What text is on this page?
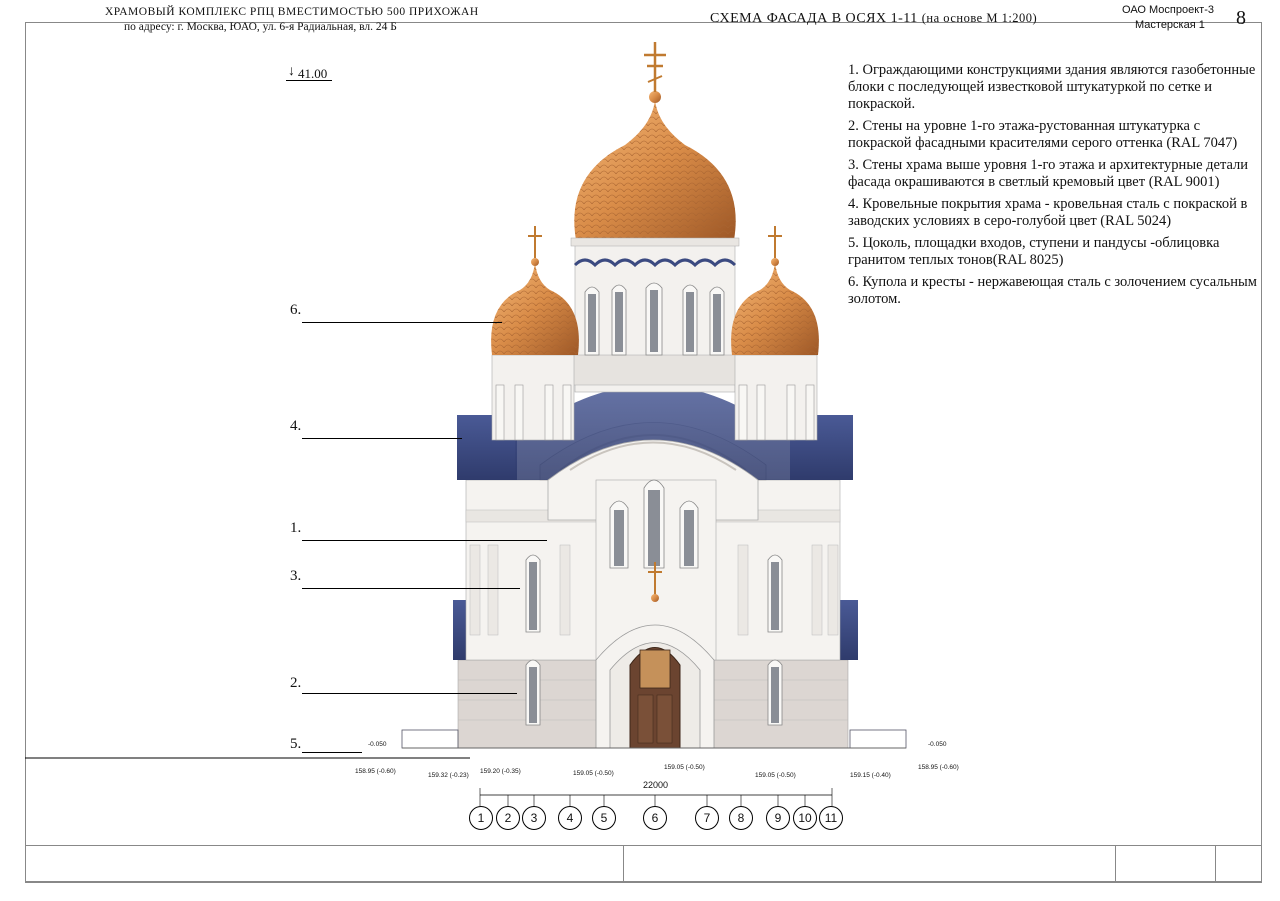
↓ 41.00
-0.050	-0.050
158.95 (-0.60)
159.32 (-0.23)
159.20 (-0.35)	159.05 (-0.50)
159.05 (-0.50)
159.05 (-0.50)	159.15 (-0.40)
158.95 (-0.60)
22000
1	2	3	4	5	6	7	8	9	10	11
6.
4.
1.
3.
2.
5.
1. Ограждающими конструкциями здания являются газобетонные блоки с последующей известковой штукатуркой по сетке и покраской.
2. Стены на уровне 1-го этажа-рустованная штукатурка с покраской фасадными красителями серого оттенка (RAL 7047)
3. Стены храма выше уровня 1-го этажа и архитектурные детали фасада окрашиваются в светлый кремовый цвет (RAL 9001)
4. Кровельные покрытия храма - кровельная сталь с покраской в заводских условиях в серо-голубой цвет (RAL 5024)
5. Цоколь, площадки входов, ступени и пандусы -облицовка гранитом теплых тонов(RAL 8025)
6. Купола и кресты - нержавеющая сталь с золочением сусальным золотом.
ХРАМОВЫЙ КОМПЛЕКС РПЦ ВМЕСТИМОСТЬЮ 500 ПРИХОЖАН
по адресу: г. Москва, ЮАО, ул. 6-я Радиальная, вл. 24 Б
СХЕМА ФАСАДА В ОСЯХ 1-11 (на основе М 1:200)
ОАО Моспроект-3
Мастерская 1 8
